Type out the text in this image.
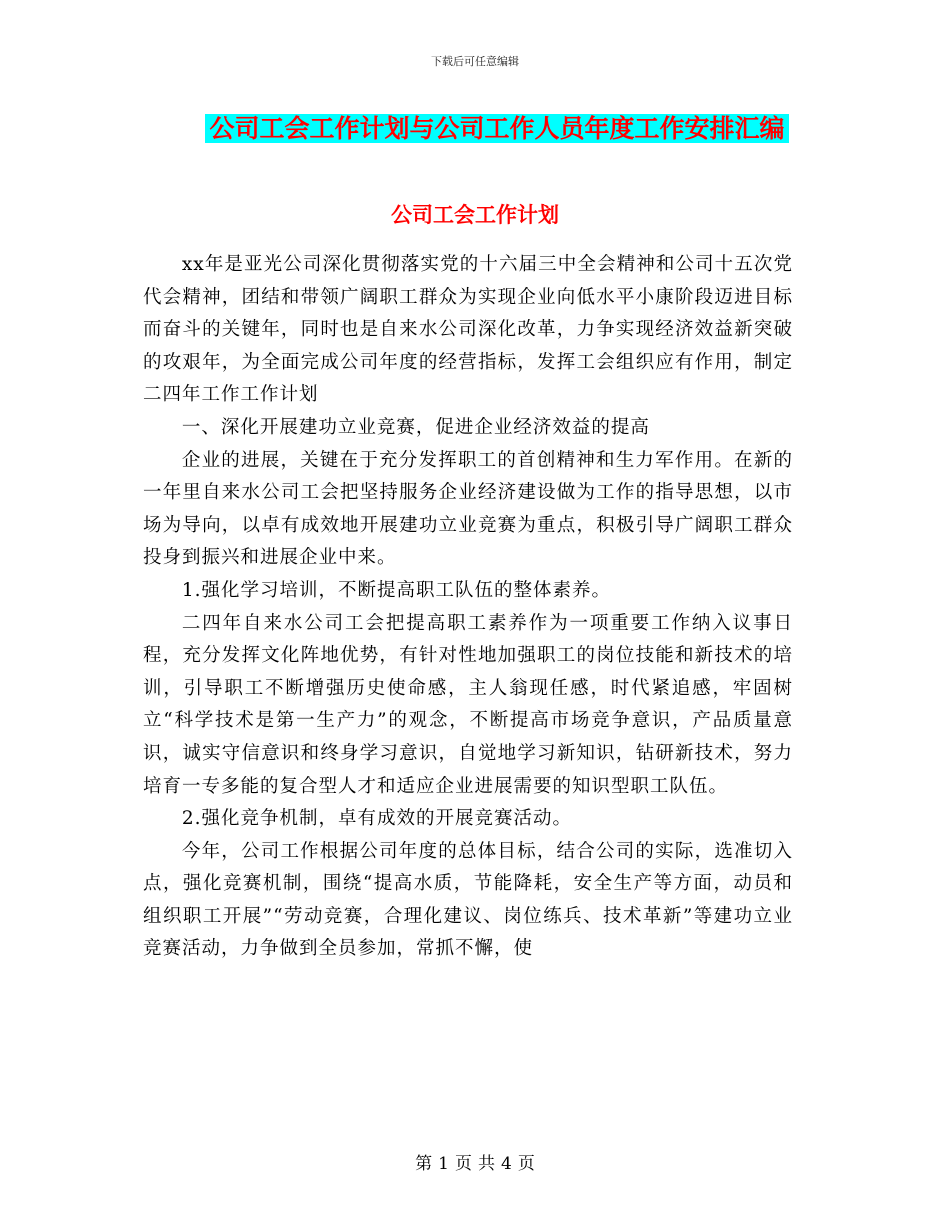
下载后可任意编辑
公司工会工作计划与公司工作人员年度工作安排汇编
公司工会工作计划

xx年是亚光公司深化贯彻落实党的十六届三中全会精神和公司十五次党代会精神，团结和带领广阔职工群众为实现企业向低水平小康阶段迈进目标而奋斗的关键年，同时也是自来水公司深化改革，力争实现经济效益新突破的攻艰年，为全面完成公司年度的经营指标，发挥工会组织应有作用，制定二四年工作工作计划

一、深化开展建功立业竞赛，促进企业经济效益的提高

企业的进展，关键在于充分发挥职工的首创精神和生力军作用。在新的一年里自来水公司工会把坚持服务企业经济建设做为工作的指导思想，以市场为导向，以卓有成效地开展建功立业竞赛为重点，积极引导广阔职工群众投身到振兴和进展企业中来。

1.强化学习培训，不断提高职工队伍的整体素养。

二四年自来水公司工会把提高职工素养作为一项重要工作纳入议事日程，充分发挥文化阵地优势，有针对性地加强职工的岗位技能和新技术的培训，引导职工不断增强历史使命感，主人翁现任感，时代紧追感，牢固树立“科学技术是第一生产力”的观念，不断提高市场竞争意识，产品质量意识，诚实守信意识和终身学习意识，自觉地学习新知识，钻研新技术，努力培育一专多能的复合型人才和适应企业进展需要的知识型职工队伍。

2.强化竞争机制，卓有成效的开展竞赛活动。

今年，公司工作根据公司年度的总体目标，结合公司的实际，选准切入点，强化竞赛机制，围绕“提高水质，节能降耗，安全生产等方面，动员和组织职工开展”“劳动竞赛，合理化建议、岗位练兵、技术革新”等建功立业竞赛活动，力争做到全员参加，常抓不懈，使

第 1 页 共 4 页
